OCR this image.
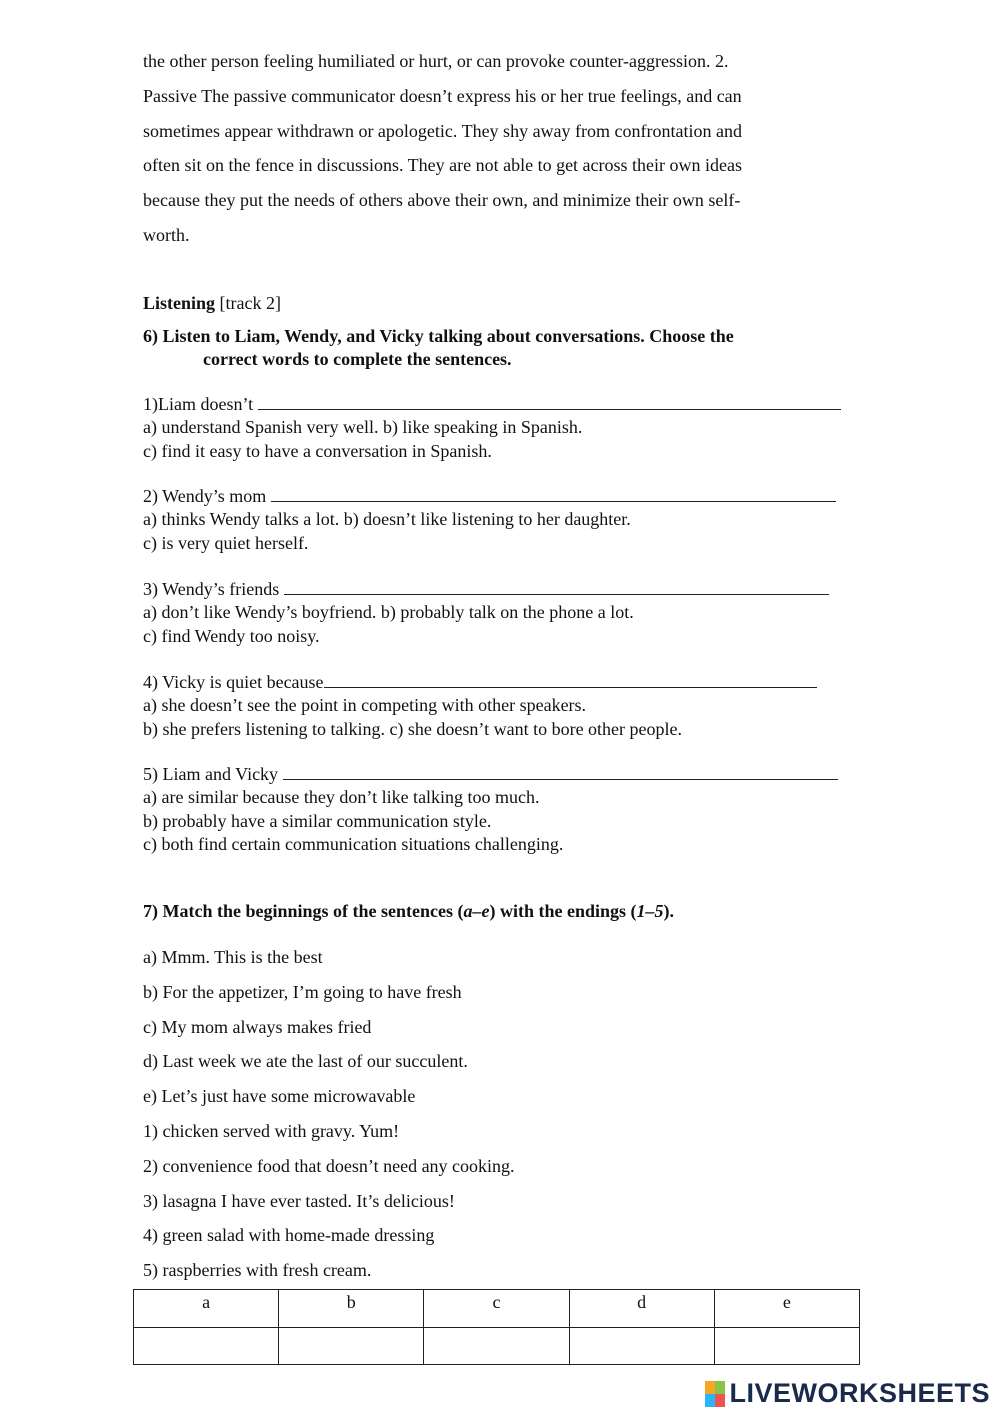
the other person feeling humiliated or hurt, or can provoke counter-aggression. 2.
Passive The passive communicator doesn’t express his or her true feelings, and can
sometimes appear withdrawn or apologetic. They shy away from confrontation and
often sit on the fence in discussions. They are not able to get across their own ideas
because they put the needs of others above their own, and minimize their own self-
worth.

Listening [track 2]
6) Listen to Liam, Wendy, and Vicky talking about conversations. Choose the
correct words to complete the sentences.
1)Liam doesn’t
a) understand Spanish very well. b) like speaking in Spanish.
c) find it easy to have a conversation in Spanish.
2) Wendy’s mom
a) thinks Wendy talks a lot. b) doesn’t like listening to her daughter.
c) is very quiet herself.
3) Wendy’s friends
a) don’t like Wendy’s boyfriend. b) probably talk on the phone a lot.
c) find Wendy too noisy.
4) Vicky is quiet because
a) she doesn’t see the point in competing with other speakers.
b) she prefers listening to talking. c) she doesn’t want to bore other people.
5) Liam and Vicky
a) are similar because they don’t like talking too much.
b) probably have a similar communication style.
c) both find certain communication situations challenging.
7) Match the beginnings of the sentences (a–e) with the endings (1–5).
a) Mmm. This is the best
b) For the appetizer, I’m going to have fresh
c) My mom always makes fried
d) Last week we ate the last of our succulent.
e) Let’s just have some microwavable
1) chicken served with gravy. Yum!
2) convenience food that doesn’t need any cooking.
3) lasagna I have ever tasted. It’s delicious!
4) green salad with home-made dressing
5) raspberries with fresh cream.
a	b	c	d	e

LIVEWORKSHEETS
